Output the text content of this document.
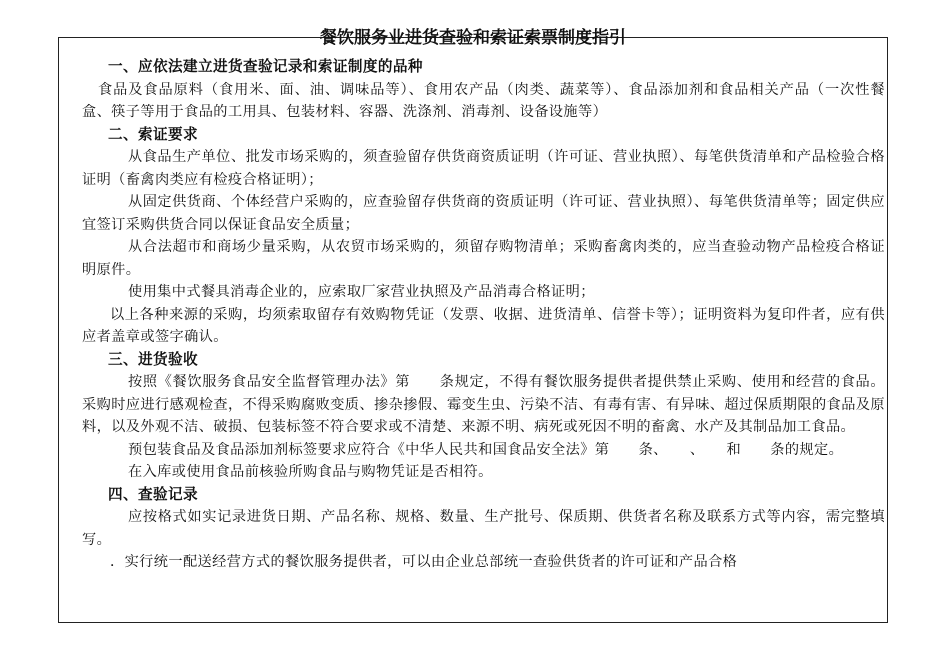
餐饮服务业进货查验和索证索票制度指引
一、应依法建立进货查验记录和索证制度的品种

食品及食品原料（食用米、面、油、调味品等）、食用农产品（肉类、蔬菜等）、食品添加剂和食品相关产品（一次性餐盒、筷子等用于食品的工用具、包装材料、容器、洗涤剂、消毒剂、设备设施等）

二、索证要求

从食品生产单位、批发市场采购的，须查验留存供货商资质证明（许可证、营业执照）、每笔供货清单和产品检验合格证明（畜禽肉类应有检疫合格证明）；

从固定供货商、个体经营户采购的，应查验留存供货商的资质证明（许可证、营业执照）、每笔供货清单等；固定供应宜签订采购供货合同以保证食品安全质量；

从合法超市和商场少量采购，从农贸市场采购的，须留存购物清单；采购畜禽肉类的，应当查验动物产品检疫合格证明原件。

使用集中式餐具消毒企业的，应索取厂家营业执照及产品消毒合格证明；

以上各种来源的采购，均须索取留存有效购物凭证（发票、收据、进货清单、信誉卡等）；证明资料为复印件者，应有供应者盖章或签字确认。

三、进货验收

按照《餐饮服务食品安全监督管理办法》第　　条规定，不得有餐饮服务提供者提供禁止采购、使用和经营的食品。采购时应进行感观检查，不得采购腐败变质、掺杂掺假、霉变生虫、污染不洁、有毒有害、有异味、超过保质期限的食品及原料，以及外观不洁、破损、包装标签不符合要求或不清楚、来源不明、病死或死因不明的畜禽、水产及其制品加工食品。

预包装食品及食品添加剂标签要求应符合《中华人民共和国食品安全法》第　　条、　　、　　和　　条的规定。

在入库或使用食品前核验所购食品与购物凭证是否相符。

四、查验记录

应按格式如实记录进货日期、产品名称、规格、数量、生产批号、保质期、供货者名称及联系方式等内容，需完整填写。

．实行统一配送经营方式的餐饮服务提供者，可以由企业总部统一查验供货者的许可证和产品合格
